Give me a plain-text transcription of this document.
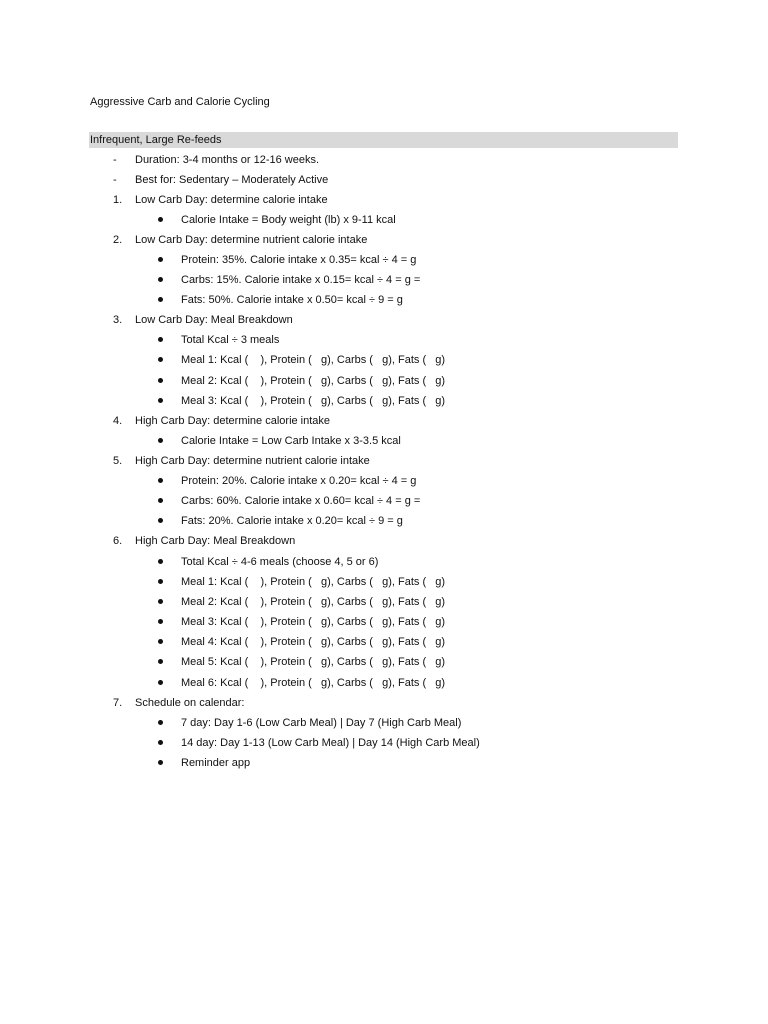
Aggressive Carb and Calorie Cycling
Infrequent, Large Re-feeds
- Duration: 3-4 months or 12-16 weeks.
- Best for: Sedentary – Moderately Active
1. Low Carb Day: determine calorie intake
Calorie Intake = Body weight (lb) x 9-11 kcal
2. Low Carb Day: determine nutrient calorie intake
Protein: 35%. Calorie intake x 0.35= kcal ÷ 4 = g
Carbs: 15%. Calorie intake x 0.15= kcal ÷ 4 = g =
Fats: 50%. Calorie intake x 0.50= kcal ÷ 9 = g
3. Low Carb Day: Meal Breakdown
Total Kcal ÷ 3 meals
Meal 1: Kcal (    ), Protein (   g), Carbs (   g), Fats (   g)
Meal 2: Kcal (    ), Protein (   g), Carbs (   g), Fats (   g)
Meal 3: Kcal (    ), Protein (   g), Carbs (   g), Fats (   g)
4. High Carb Day: determine calorie intake
Calorie Intake = Low Carb Intake x 3-3.5 kcal
5. High Carb Day: determine nutrient calorie intake
Protein: 20%. Calorie intake x 0.20= kcal ÷ 4 = g
Carbs: 60%. Calorie intake x 0.60= kcal ÷ 4 = g =
Fats: 20%. Calorie intake x 0.20= kcal ÷ 9 = g
6. High Carb Day: Meal Breakdown
Total Kcal ÷ 4-6 meals (choose 4, 5 or 6)
Meal 1: Kcal (    ), Protein (   g), Carbs (   g), Fats (   g)
Meal 2: Kcal (    ), Protein (   g), Carbs (   g), Fats (   g)
Meal 3: Kcal (    ), Protein (   g), Carbs (   g), Fats (   g)
Meal 4: Kcal (    ), Protein (   g), Carbs (   g), Fats (   g)
Meal 5: Kcal (    ), Protein (   g), Carbs (   g), Fats (   g)
Meal 6: Kcal (    ), Protein (   g), Carbs (   g), Fats (   g)
7. Schedule on calendar:
7 day: Day 1-6 (Low Carb Meal) | Day 7 (High Carb Meal)
14 day: Day 1-13 (Low Carb Meal) | Day 14 (High Carb Meal)
Reminder app
